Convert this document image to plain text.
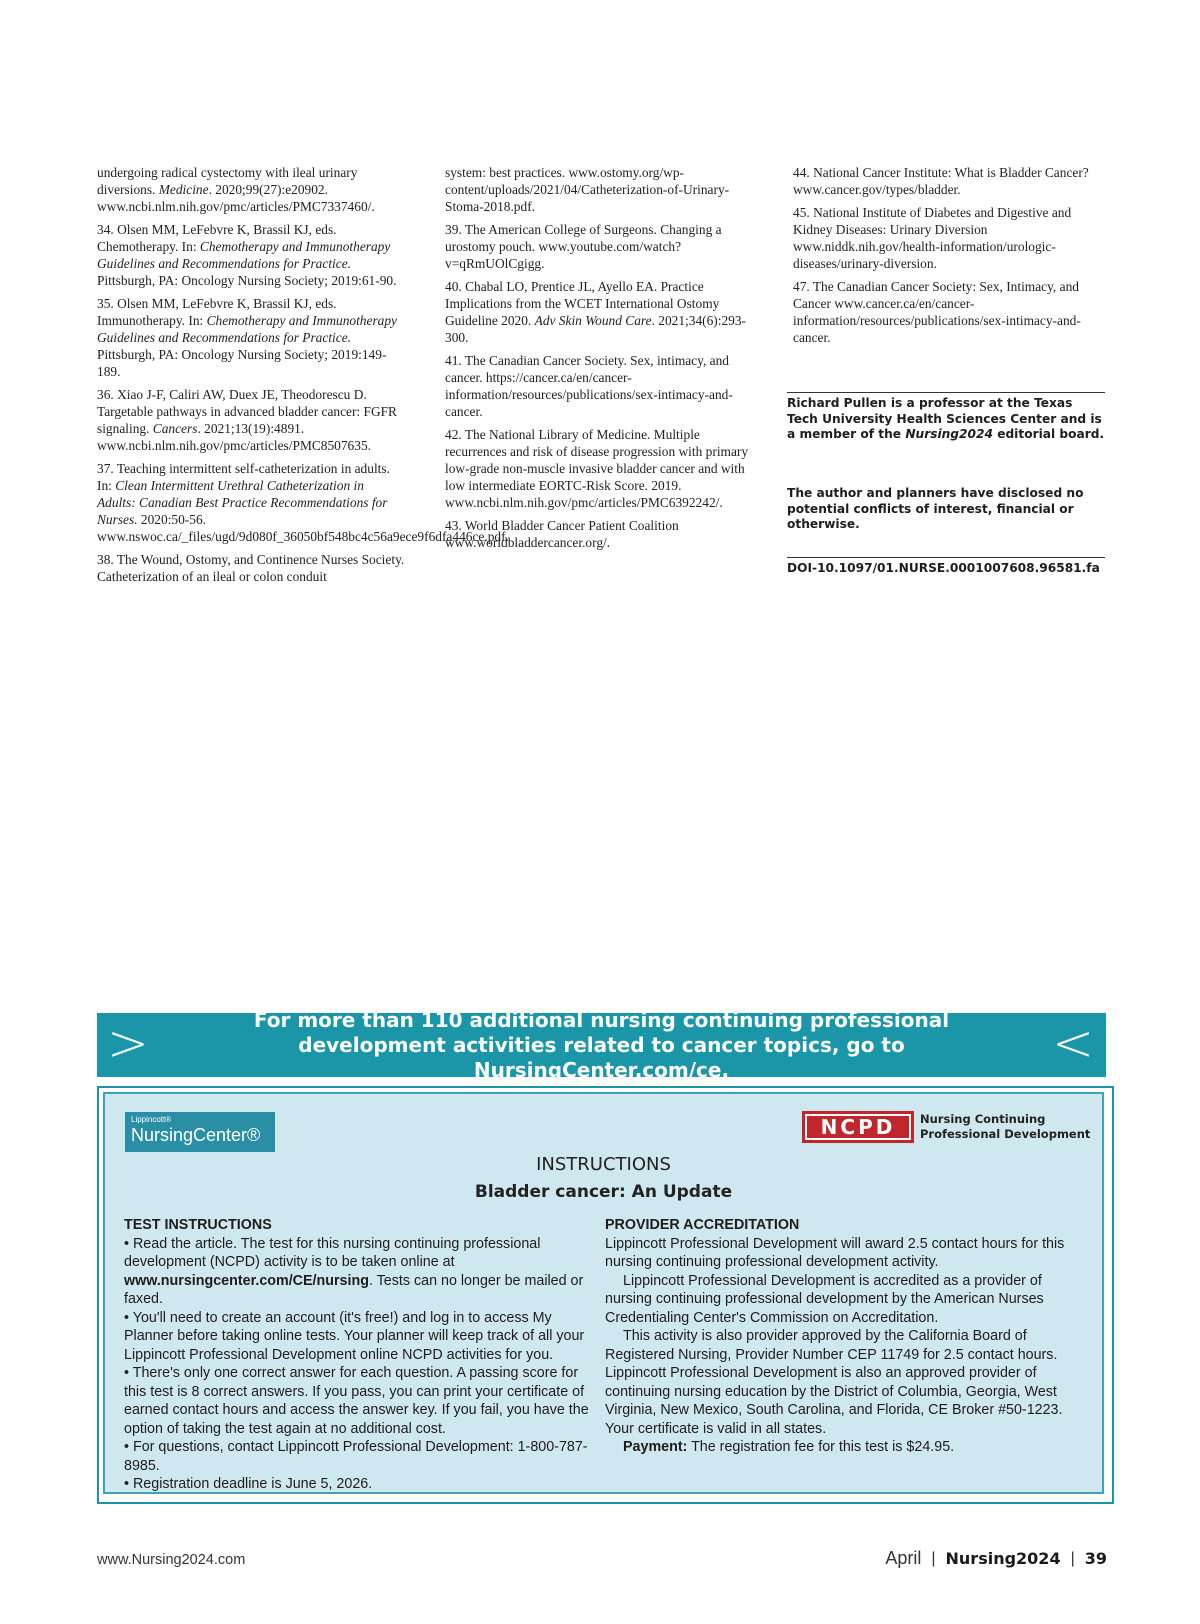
undergoing radical cystectomy with ileal urinary diversions. Medicine. 2020;99(27):e20902. www.ncbi.nlm.nih.gov/pmc/articles/PMC7337460/.

34. Olsen MM, LeFebvre K, Brassil KJ, eds. Chemotherapy. In: Chemotherapy and Immunotherapy Guidelines and Recommendations for Practice. Pittsburgh, PA: Oncology Nursing Society; 2019:61-90.

35. Olsen MM, LeFebvre K, Brassil KJ, eds. Immunotherapy. In: Chemotherapy and Immunotherapy Guidelines and Recommendations for Practice. Pittsburgh, PA: Oncology Nursing Society; 2019:149-189.

36. Xiao J-F, Caliri AW, Duex JE, Theodorescu D. Targetable pathways in advanced bladder cancer: FGFR signaling. Cancers. 2021;13(19):4891. www.ncbi.nlm.nih.gov/pmc/articles/PMC8507635.

37. Teaching intermittent self-catheterization in adults. In: Clean Intermittent Urethral Catheterization in Adults: Canadian Best Practice Recommendations for Nurses. 2020:50-56. www.nswoc.ca/_files/ugd/9d080f_36050bf548bc4c56a9ece9f6dfa446ce.pdf.

38. The Wound, Ostomy, and Continence Nurses Society. Catheterization of an ileal or colon conduit

system: best practices. www.ostomy.org/wp-content/uploads/2021/04/Catheterization-of-Urinary-Stoma-2018.pdf.

39. The American College of Surgeons. Changing a urostomy pouch. www.youtube.com/watch?v=qRmUOlCgigg.

40. Chabal LO, Prentice JL, Ayello EA. Practice Implications from the WCET International Ostomy Guideline 2020. Adv Skin Wound Care. 2021;34(6):293-300.

41. The Canadian Cancer Society. Sex, intimacy, and cancer. https://cancer.ca/en/cancer-information/resources/publications/sex-intimacy-and-cancer.

42. The National Library of Medicine. Multiple recurrences and risk of disease progression with primary low-grade non-muscle invasive bladder cancer and with low intermediate EORTC-Risk Score. 2019. www.ncbi.nlm.nih.gov/pmc/articles/PMC6392242/.

43. World Bladder Cancer Patient Coalition www.worldbladdercancer.org/.

44. National Cancer Institute: What is Bladder Cancer? www.cancer.gov/types/bladder.

45. National Institute of Diabetes and Digestive and Kidney Diseases: Urinary Diversion www.niddk.nih.gov/health-information/urologic-diseases/urinary-diversion.

47. The Canadian Cancer Society: Sex, Intimacy, and Cancer www.cancer.ca/en/cancer-information/resources/publications/sex-intimacy-and-cancer.

Richard Pullen is a professor at the Texas Tech University Health Sciences Center and is a member of the Nursing2024 editorial board.
The author and planners have disclosed no potential conflicts of interest, financial or otherwise.
DOI-10.1097/01.NURSE.0001007608.96581.fa
>	For more than 110 additional nursing continuing professional development activities related to cancer topics, go to NursingCenter.com/ce.	<
Lippincott®
NursingCenter®	NCPD	Nursing Continuing
Professional Development
INSTRUCTIONS
Bladder cancer: An Update
TEST INSTRUCTIONS

• Read the article. The test for this nursing continuing professional development (NCPD) activity is to be taken online at www.nursingcenter.com/CE/nursing. Tests can no longer be mailed or faxed.

• You'll need to create an account (it's free!) and log in to access My Planner before taking online tests. Your planner will keep track of all your Lippincott Professional Development online NCPD activities for you.

• There's only one correct answer for each question. A passing score for this test is 8 correct answers. If you pass, you can print your certificate of earned contact hours and access the answer key. If you fail, you have the option of taking the test again at no additional cost.

• For questions, contact Lippincott Professional Development: 1-800-787-8985.

• Registration deadline is June 5, 2026.

PROVIDER ACCREDITATION

Lippincott Professional Development will award 2.5 contact hours for this nursing continuing professional development activity.

Lippincott Professional Development is accredited as a provider of nursing continuing professional development by the American Nurses Credentialing Center's Commission on Accreditation.

This activity is also provider approved by the California Board of Registered Nursing, Provider Number CEP 11749 for 2.5 contact hours. Lippincott Professional Development is also an approved provider of continuing nursing education by the District of Columbia, Georgia, West Virginia, New Mexico, South Carolina, and Florida, CE Broker #50-1223. Your certificate is valid in all states.

Payment: The registration fee for this test is $24.95.

www.Nursing2024.com	April | Nursing2024 | 39
